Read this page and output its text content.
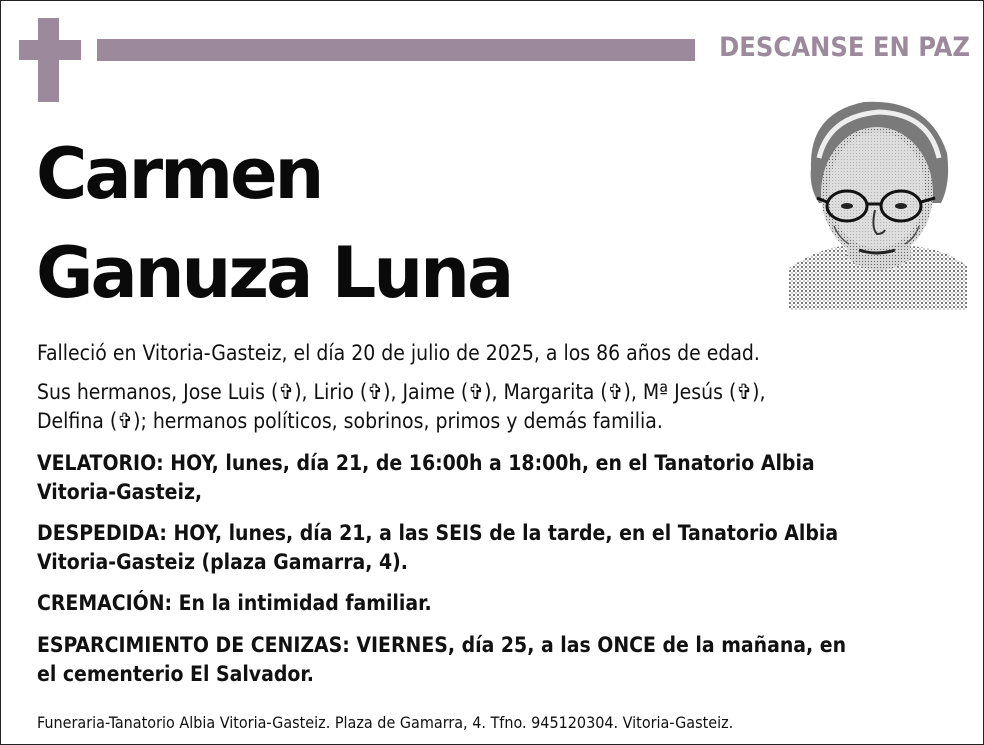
DESCANSE EN PAZ
Carmen
Ganuza Luna
Falleció en Vitoria-Gasteiz, el día 20 de julio de 2025, a los 86 años de edad.
Sus hermanos, Jose Luis (✞), Lirio (✞), Jaime (✞), Margarita (✞), Mª Jesús (✞),
Delfina (✞); hermanos políticos, sobrinos, primos y demás familia.
VELATORIO: HOY, lunes, día 21, de 16:00h a 18:00h, en el Tanatorio Albia
Vitoria-Gasteiz,
DESPEDIDA: HOY, lunes, día 21, a las SEIS de la tarde, en el Tanatorio Albia
Vitoria-Gasteiz (plaza Gamarra, 4).
CREMACIÓN: En la intimidad familiar.
ESPARCIMIENTO DE CENIZAS: VIERNES, día 25, a las ONCE de la mañana, en
el cementerio El Salvador.
Funeraria-Tanatorio Albia Vitoria-Gasteiz. Plaza de Gamarra, 4. Tfno. 945120304. Vitoria-Gasteiz.
